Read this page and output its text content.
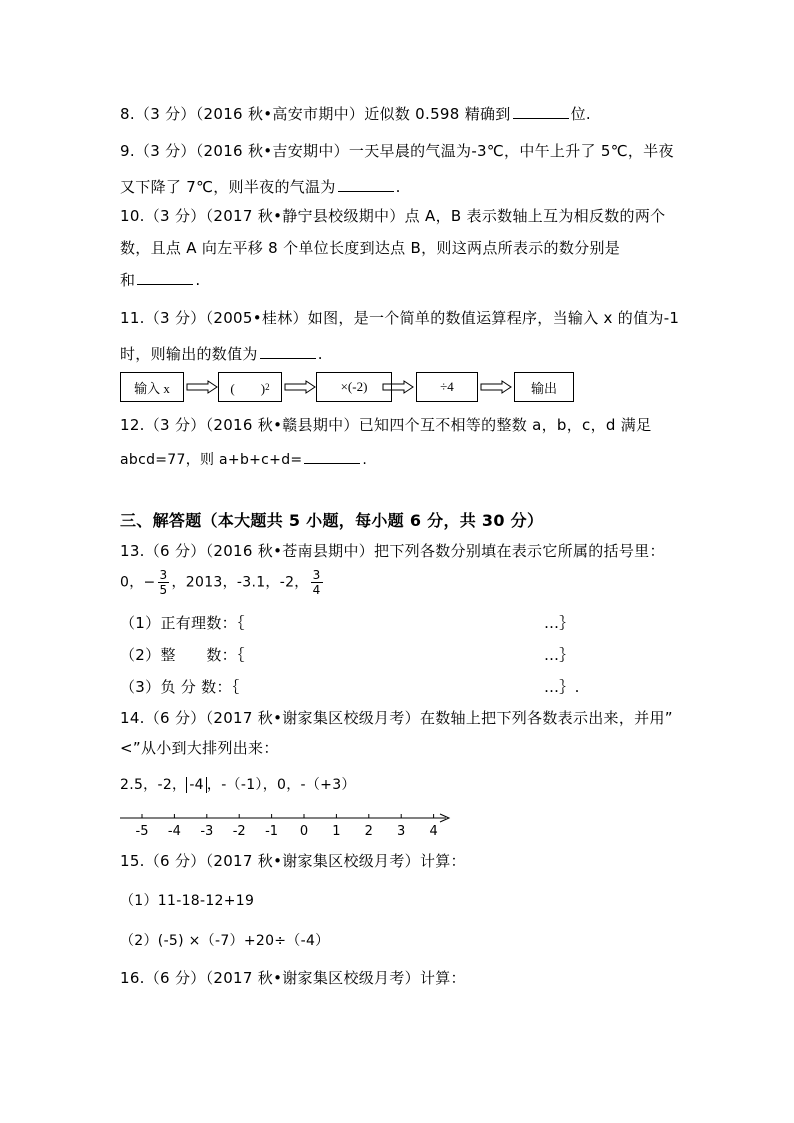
8.（3 分）（2016 秋•高安市期中）近似数 0.598 精确到	位.
9.（3 分）（2016 秋•吉安期中）一天早晨的气温为-3℃，中午上升了 5℃，半夜
又下降了 7℃，则半夜的气温为	.
10.（3 分）（2017 秋•静宁县校级期中）点 A，B 表示数轴上互为相反数的两个
数，且点 A 向左平移 8 个单位长度到达点 B，则这两点所表示的数分别是
和	.
11.（3 分）（2005•桂林）如图，是一个简单的数值运算程序，当输入 x 的值为-1
时，则输出的数值为	.
输入 x	(　　) 2	×(-2)	÷4	输出
12.（3 分）（2016 秋•赣县期中）已知四个互不相等的整数 a，b，c，d 满足
abcd=77，则 a+b+c+d=	.
三、解答题（本大题共 5 小题，每小题 6 分，共 30 分）
13.（6 分）（2016 秋•苍南县期中）把下列各数分别填在表示它所属的括号里：
0，− $\frac{3}{5}$ ，2013，-3.1，-2， $\frac{3}{4}$
（1）正有理数：｛	…｝
（2）整　　数：｛	…｝
（3）负 分 数：｛	…｝.
14.（6 分）（2017 秋•谢家集区校级月考）在数轴上把下列各数表示出来，并用”
<”从小到大排列出来：
2.5，-2， -4 ，-（-1），0，-（+3）
-5 -4 -3 -2 -1 0 1 2 3 4
15.（6 分）（2017 秋•谢家集区校级月考）计算：
（1）11-18-12+19
（2）(-5) ×（-7）+20÷（-4）
16.（6 分）（2017 秋•谢家集区校级月考）计算：
